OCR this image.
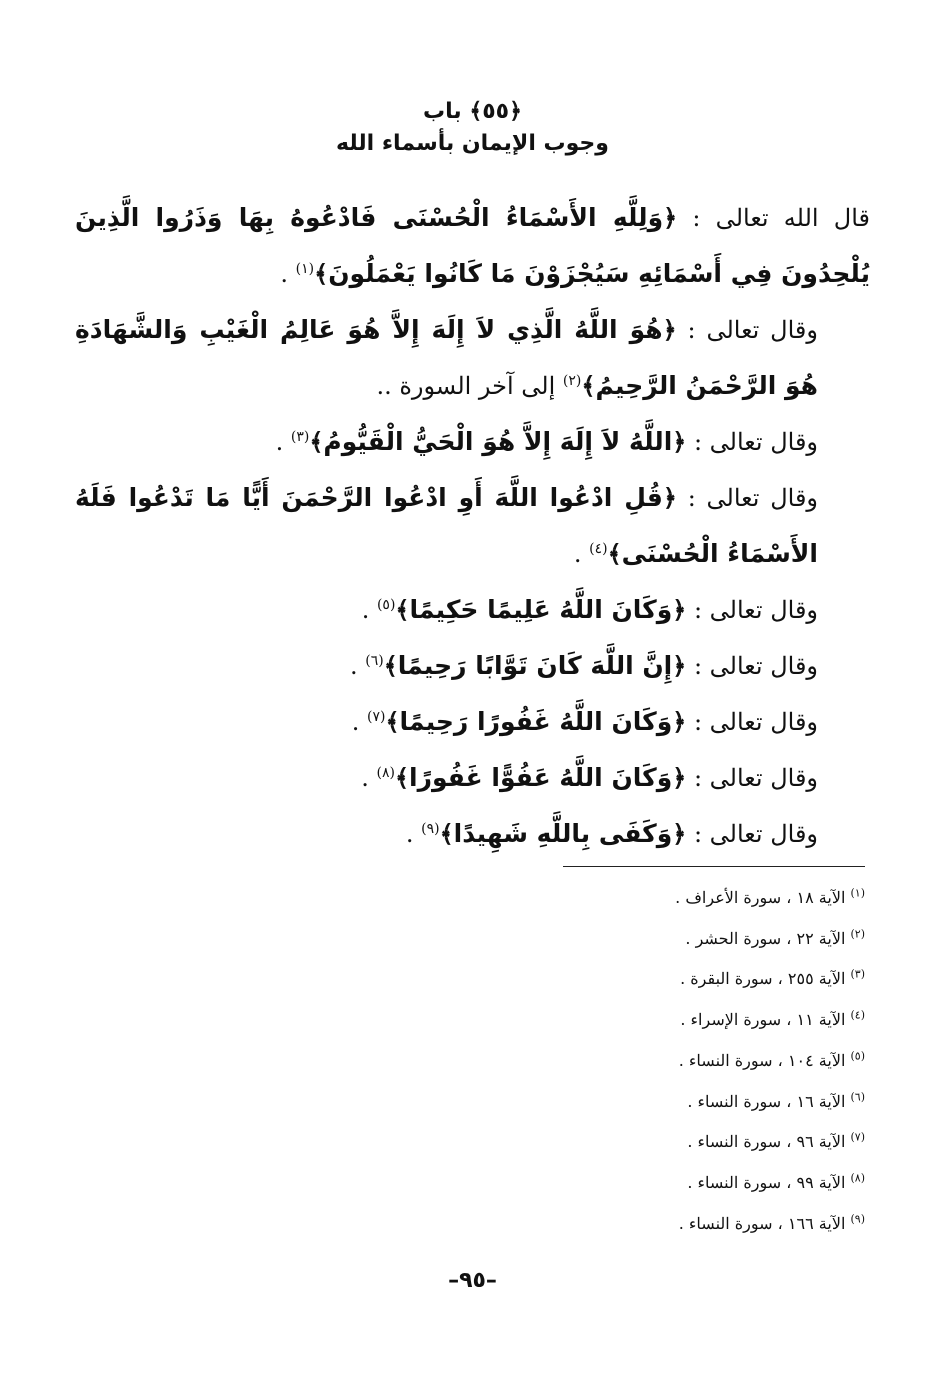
﴿٥٥﴾ باب
وجوب الإيمان بأسماء الله

قال الله تعالى : ﴿وَلِلَّهِ الأَسْمَاءُ الْحُسْنَى فَادْعُوهُ بِهَا وَذَرُوا الَّذِينَ يُلْحِدُونَ فِي أَسْمَائِهِ سَيُجْزَوْنَ مَا كَانُوا يَعْمَلُونَ﴾$^{(١)}$ .

وقال تعالى : ﴿هُوَ اللَّهُ الَّذِي لاَ إِلَهَ إِلاَّ هُوَ عَالِمُ الْغَيْبِ وَالشَّهَادَةِ هُوَ الرَّحْمَنُ الرَّحِيمُ﴾$^{(٢)}$ إلى آخر السورة ..

وقال تعالى : ﴿اللَّهُ لاَ إِلَهَ إِلاَّ هُوَ الْحَيُّ الْقَيُّومُ﴾$^{(٣)}$ .

وقال تعالى : ﴿قُلِ ادْعُوا اللَّهَ أَوِ ادْعُوا الرَّحْمَنَ أَيًّا مَا تَدْعُوا فَلَهُ الأَسْمَاءُ الْحُسْنَى﴾$^{(٤)}$ .

وقال تعالى : ﴿وَكَانَ اللَّهُ عَلِيمًا حَكِيمًا﴾$^{(٥)}$ .

وقال تعالى : ﴿إِنَّ اللَّهَ كَانَ تَوَّابًا رَحِيمًا﴾$^{(٦)}$ .

وقال تعالى : ﴿وَكَانَ اللَّهُ غَفُورًا رَحِيمًا﴾$^{(٧)}$ .

وقال تعالى : ﴿وَكَانَ اللَّهُ عَفُوًّا غَفُورًا﴾$^{(٨)}$ .

وقال تعالى : ﴿وَكَفَى بِاللَّهِ شَهِيدًا﴾$^{(٩)}$ .

$^{(١)}$ الآية ١٨ ، سورة الأعراف .
$^{(٢)}$ الآية ٢٢ ، سورة الحشر .
$^{(٣)}$ الآية ٢٥٥ ، سورة البقرة .
$^{(٤)}$ الآية ١١ ، سورة الإسراء .
$^{(٥)}$ الآية ١٠٤ ، سورة النساء .
$^{(٦)}$ الآية ١٦ ، سورة النساء .
$^{(٧)}$ الآية ٩٦ ، سورة النساء .
$^{(٨)}$ الآية ٩٩ ، سورة النساء .
$^{(٩)}$ الآية ١٦٦ ، سورة النساء .
–٩٥–
